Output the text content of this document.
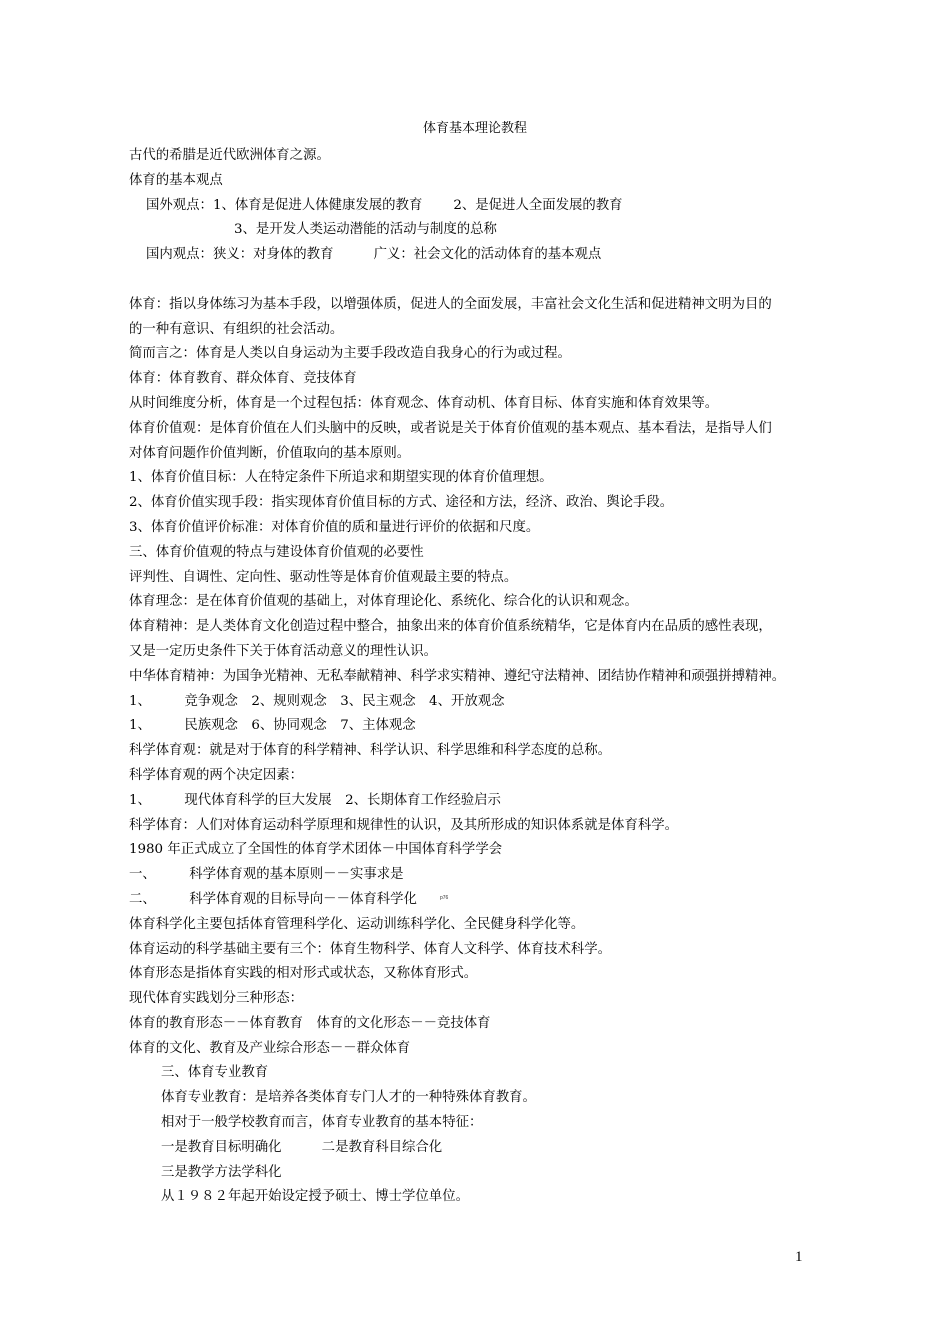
体育基本理论教程
古代的希腊是近代欧洲体育之源。
体育的基本观点
国外观点：1、体育是促进人体健康发展的教育　　 2、是促进人全面发展的教育
3、是开发人类运动潜能的活动与制度的总称
国内观点：狭义：对身体的教育　　　广义：社会文化的活动体育的基本观点
体育：指以身体练习为基本手段，以增强体质，促进人的全面发展，丰富社会文化生活和促进精神文明为目的
的一种有意识、有组织的社会活动。
简而言之：体育是人类以自身运动为主要手段改造自我身心的行为或过程。
体育：体育教育、群众体育、竞技体育
从时间维度分析，体育是一个过程包括：体育观念、体育动机、体育目标、体育实施和体育效果等。
体育价值观：是体育价值在人们头脑中的反映，或者说是关于体育价值观的基本观点、基本看法，是指导人们
对体育问题作价值判断，价值取向的基本原则。
1、体育价值目标：人在特定条件下所追求和期望实现的体育价值理想。
2、体育价值实现手段：指实现体育价值目标的方式、途径和方法，经济、政治、舆论手段。
3、体育价值评价标准：对体育价值的质和量进行评价的依据和尺度。
三、体育价值观的特点与建设体育价值观的必要性
评判性、自调性、定向性、驱动性等是体育价值观最主要的特点。
体育理念：是在体育价值观的基础上，对体育理论化、系统化、综合化的认识和观念。
体育精神：是人类体育文化创造过程中整合，抽象出来的体育价值系统精华，它是体育内在品质的感性表现，
又是一定历史条件下关于体育活动意义的理性认识。
中华体育精神：为国争光精神、无私奉献精神、科学求实精神、遵纪守法精神、团结协作精神和顽强拼搏精神。
1、　　　竞争观念　2、规则观念　3、民主观念　4、开放观念
1、　　　民族观念　6、协同观念　7、主体观念
科学体育观：就是对于体育的科学精神、科学认识、科学思维和科学态度的总称。
科学体育观的两个决定因素：
1、　　　现代体育科学的巨大发展　2、长期体育工作经验启示
科学体育：人们对体育运动科学原理和规律性的认识，及其所形成的知识体系就是体育科学。
1980 年正式成立了全国性的体育学术团体－中国体育科学学会
一、　　　科学体育观的基本原则－－实事求是
二、　　　科学体育观的目标导向－－体育科学化
体育科学化主要包括体育管理科学化、运动训练科学化、全民健身科学化等。
体育运动的科学基础主要有三个：体育生物科学、体育人文科学、体育技术科学。
体育形态是指体育实践的相对形式或状态，又称体育形式。
现代体育实践划分三种形态：
体育的教育形态－－体育教育　体育的文化形态－－竞技体育
体育的文化、教育及产业综合形态－－群众体育
三、体育专业教育
体育专业教育：是培养各类体育专门人才的一种特殊体育教育。
相对于一般学校教育而言，体育专业教育的基本特征：
一是教育目标明确化　　　二是教育科目综合化
三是教学方法学科化
从１９８２年起开始设定授予硕士、博士学位单位。
p76
1
